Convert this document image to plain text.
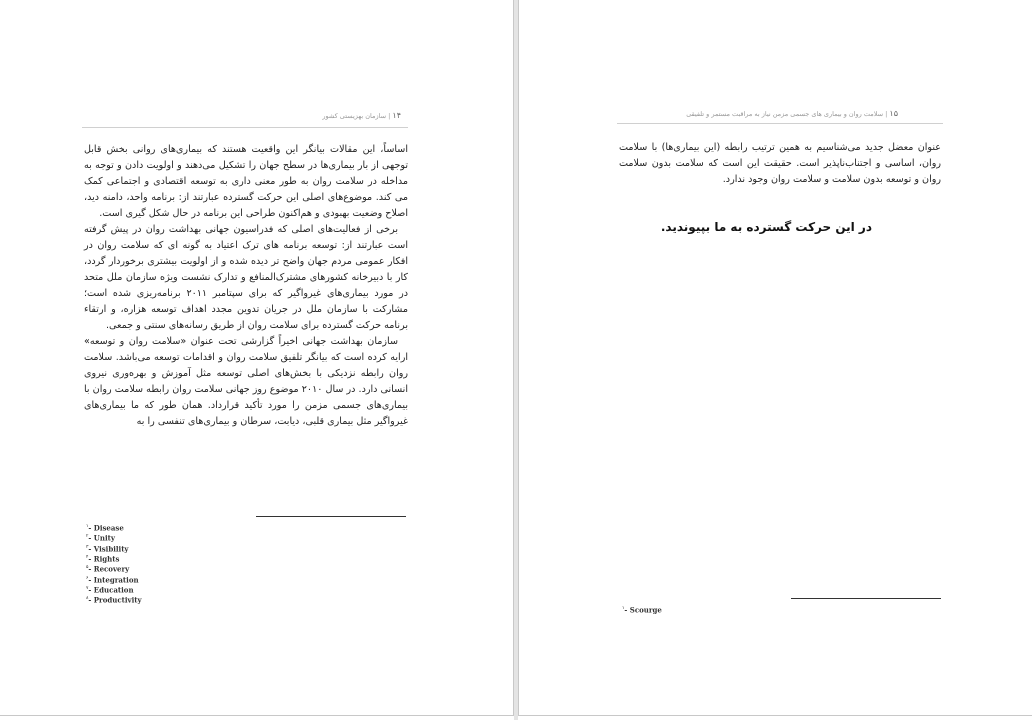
۱۴ | سازمان بهزیستی کشور

اساساً، این مقالات بیانگر این واقعیت هستند که بیماری‌های روانی بخش قابل توجهی از بار بیماری‌ها در سطح جهان را تشکیل می‌دهند و اولویت دادن و توجه به مداخله در سلامت روان به طور معنی داری به توسعه اقتصادی و اجتماعی کمک می کند. موضوع‌های اصلی این حرکت گسترده عبارتند از: برنامه واحد، دامنه دید، اصلاح وضعیت بهبودی و هم‌اکنون طراحی این برنامه در حال شکل گیری است.

برخی از فعالیت‌های اصلی که فدراسیون جهانی بهداشت روان در پیش گرفته است عبارتند از: توسعه برنامه های ترک اعتیاد به گونه ای که سلامت روان در افکار عمومی مردم جهان واضح تر دیده شده و از اولویت بیشتری برخوردار گردد، کار با دبیرخانه کشورهای مشترک‌المنافع و تدارک نشست ویژه سازمان ملل متحد در مورد بیماری‌های غیرواگیر که برای سپتامبر ۲۰۱۱ برنامه‌ریزی شده است؛ مشارکت با سازمان ملل در جریان تدوین مجدد اهداف توسعه هزاره، و ارتقاء برنامه حرکت گسترده برای سلامت روان از طریق رسانه‌های سنتی و جمعی.

سازمان بهداشت جهانی اخیراً گزارشی تحت عنوان «سلامت روان و توسعه» ارایه کرده است که بیانگر تلفیق سلامت روان و اقدامات توسعه می‌باشد. سلامت روان رابطه نزدیکی با بخش‌های اصلی توسعه مثل آموزش و بهره‌وری نیروی انسانی دارد. در سال ۲۰۱۰ موضوع روز جهانی سلامت روان رابطه سلامت روان با بیماری‌های جسمی مزمن را مورد تأکید قرارداد. همان طور که ما بیماری‌های غیرواگیر مثل بیماری قلبی، دیابت، سرطان و بیماری‌های تنفسی را به

$^۱$- Disease
$^۲$- Unity
$^۳$- Visibility
$^۴$- Rights
$^۵$- Recovery
$^۶$- Integration
$^۷$- Education
$^۸$- Productivity
۱۵ | سلامت روان و بیماری های جسمی مزمن نیاز به مراقبت مستمر و تلفیقی

عنوان معضل جدید می‌شناسیم به همین ترتیب رابطه (این بیماری‌ها) با سلامت روان، اساسی و اجتناب‌ناپذیر است. حقیقت این است که سلامت بدون سلامت روان و توسعه بدون سلامت و سلامت روان وجود ندارد.

در این حرکت گسترده به ما بپیوندید.
$^۱$- Scourge
